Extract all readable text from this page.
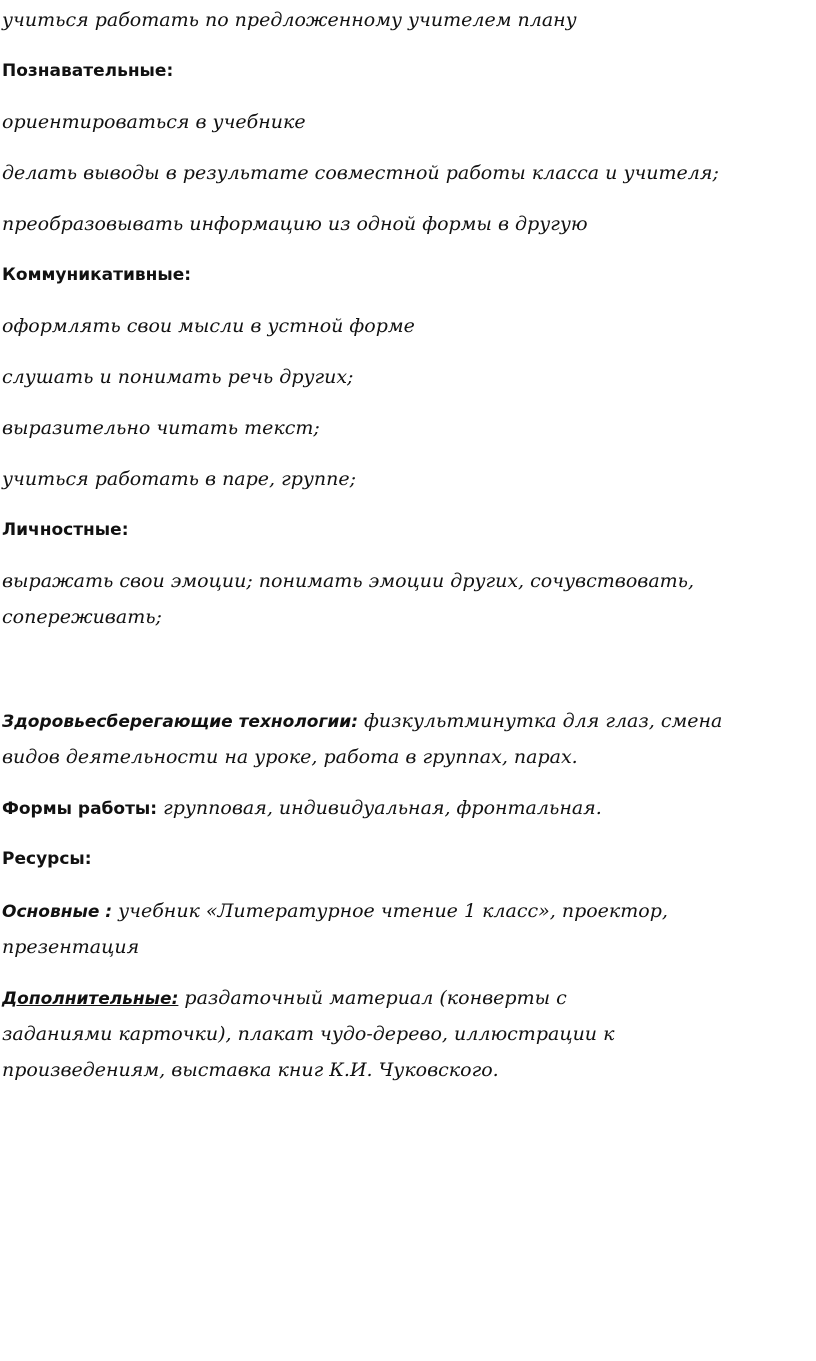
учиться работать по предложенному учителем плану
Познавательные:
ориентироваться в учебнике
делать выводы в результате совместной работы класса и учителя;
преобразовывать информацию из одной формы в другую
Коммуникативные:
оформлять свои мысли в устной форме
слушать и понимать речь других;
выразительно читать текст;
учиться работать в паре, группе;
Личностные:
выражать свои эмоции; понимать эмоции других, сочувствовать,
сопереживать;
Здоровьесберегающие технологии: физкультминутка для глаз, смена
видов деятельности на уроке, работа в группах, парах.
Формы работы: групповая, индивидуальная, фронтальная.
Ресурсы:
Основные : учебник «Литературное чтение 1 класс», проектор,
презентация
Дополнительные: раздаточный материал (конверты с
заданиями карточки), плакат чудо-дерево, иллюстрации к
произведениям, выставка книг К.И. Чуковского.
